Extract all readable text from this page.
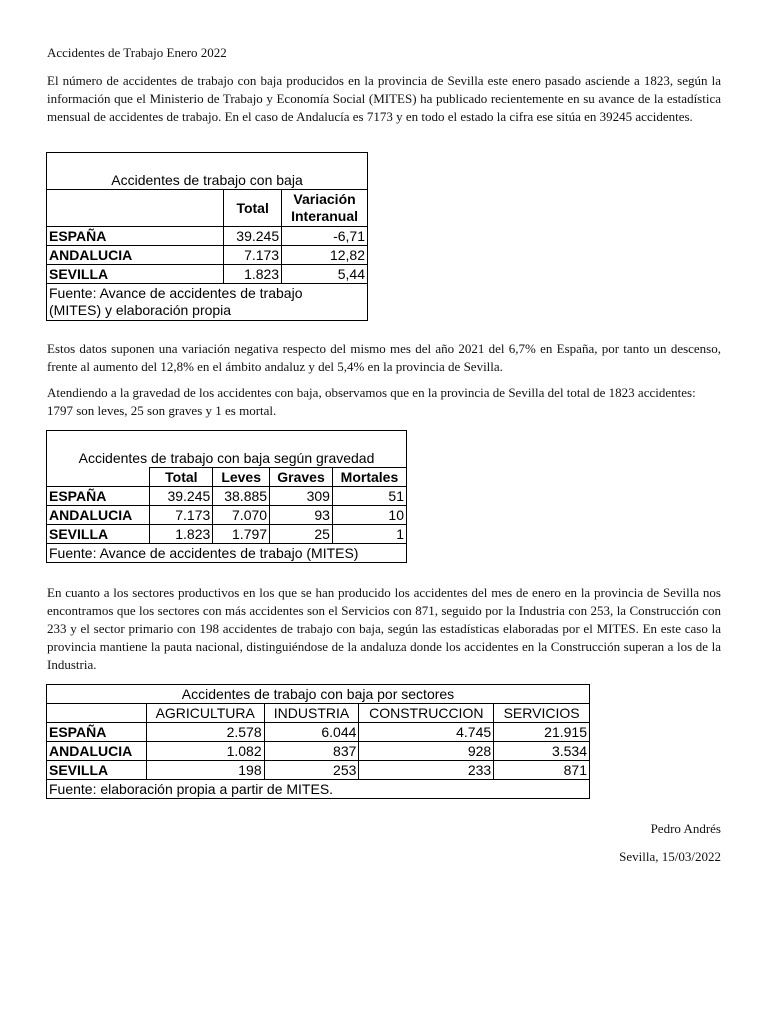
Accidentes de Trabajo Enero 2022

El número de accidentes de trabajo con baja producidos en la provincia de Sevilla este enero pasado asciende a 1823, según la información que el Ministerio de Trabajo y Economía Social (MITES) ha publicado recientemente en su avance de la estadística mensual de accidentes de trabajo. En el caso de Andalucía es 7173 y en todo el estado la cifra ese sitúa en 39245 accidentes.

Accidentes de trabajo con baja		
	Total	Variación
Interanual
ESPAÑA	39.245	-6,71
ANDALUCIA	7.173	12,82
SEVILLA	1.823	5,44
Fuente: Avance de accidentes de trabajo
(MITES) y elaboración propia		

Estos datos suponen una variación negativa respecto del mismo mes del año 2021 del 6,7% en España, por tanto un descenso, frente al aumento del 12,8% en el ámbito andaluz y del 5,4% en la provincia de Sevilla.

Atendiendo a la gravedad de los accidentes con baja, observamos que en la provincia de Sevilla del total de 1823 accidentes: 1797 son leves, 25 son graves y 1 es mortal.

Accidentes de trabajo con baja según gravedad				
	Total	Leves	Graves	Mortales
ESPAÑA	39.245	38.885	309	51
ANDALUCIA	7.173	7.070	93	10
SEVILLA	1.823	1.797	25	1
Fuente: Avance de accidentes de trabajo (MITES)				

En cuanto a los sectores productivos en los que se han producido los accidentes del mes de enero en la provincia de Sevilla nos encontramos que los sectores con más accidentes son el Servicios con 871, seguido por la Industria con 253, la Construcción con 233 y el sector primario con 198 accidentes de trabajo con baja, según las estadísticas elaboradas por el MITES. En este caso la provincia mantiene la pauta nacional, distinguiéndose de la andaluza donde los accidentes en la Construcción superan a los de la Industria.

Accidentes de trabajo con baja por sectores				
	AGRICULTURA	INDUSTRIA	CONSTRUCCION	SERVICIOS
ESPAÑA	2.578	6.044	4.745	21.915
ANDALUCIA	1.082	837	928	3.534
SEVILLA	198	253	233	871
Fuente: elaboración propia a partir de MITES.				

Pedro Andrés

Sevilla, 15/03/2022
